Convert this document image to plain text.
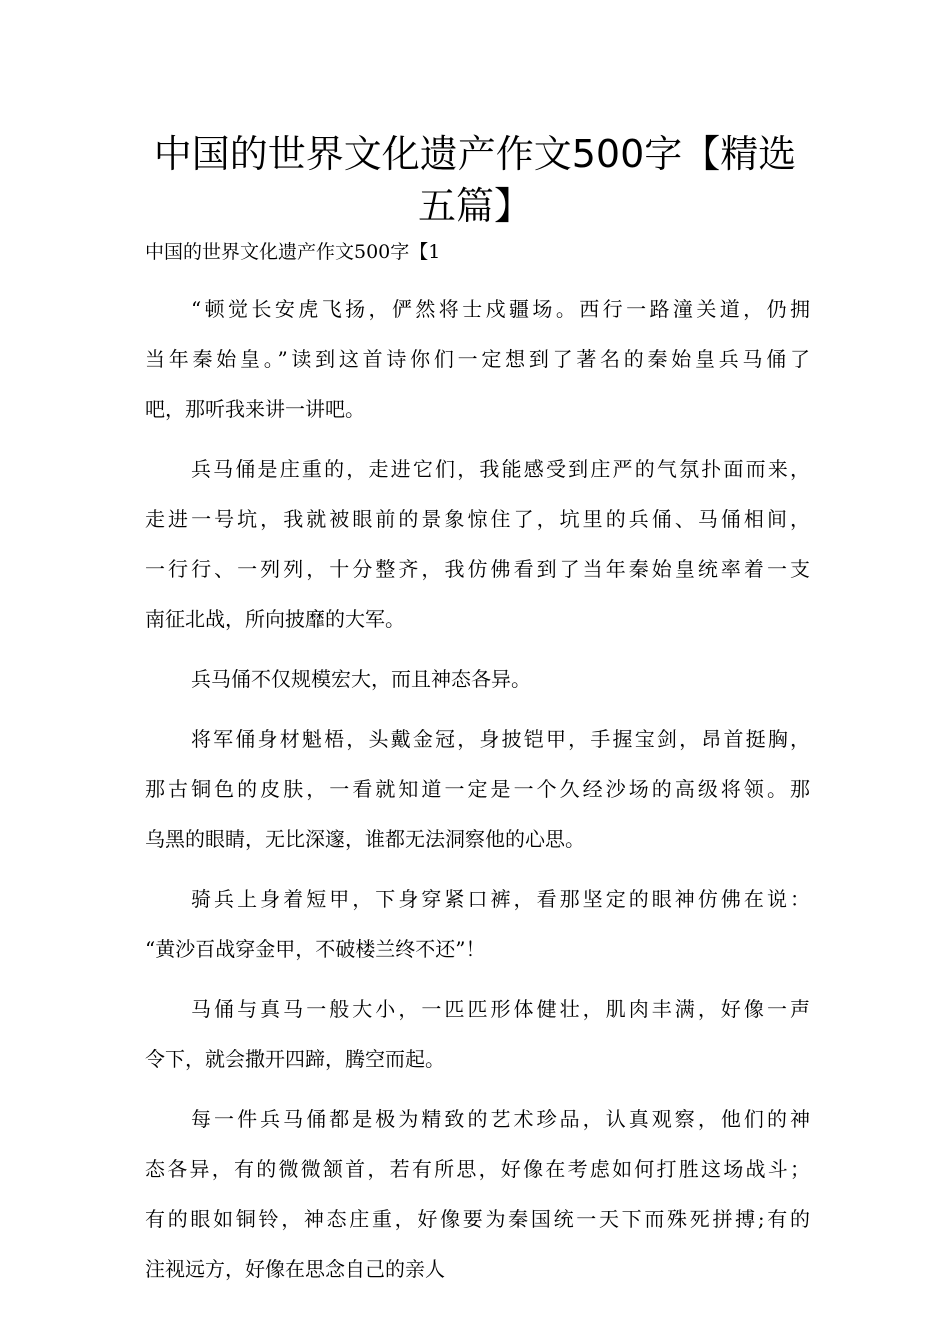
中国的世界文化遗产作文500字【精选
五篇】

中国的世界文化遗产作文500字【1

“顿觉长安虎飞扬，俨然将士戍疆场。西行一路潼关道，仍拥
当年秦始皇。”读到这首诗你们一定想到了著名的秦始皇兵马俑了
吧，那听我来讲一讲吧。
兵马俑是庄重的，走进它们，我能感受到庄严的气氛扑面而来，
走进一号坑，我就被眼前的景象惊住了，坑里的兵俑、马俑相间，
一行行、一列列，十分整齐，我仿佛看到了当年秦始皇统率着一支
南征北战，所向披靡的大军。
兵马俑不仅规模宏大，而且神态各异。
将军俑身材魁梧，头戴金冠，身披铠甲，手握宝剑，昂首挺胸，
那古铜色的皮肤，一看就知道一定是一个久经沙场的高级将领。那
乌黑的眼睛，无比深邃，谁都无法洞察他的心思。
骑兵上身着短甲，下身穿紧口裤，看那坚定的眼神仿佛在说：
“黄沙百战穿金甲，不破楼兰终不还”！
马俑与真马一般大小，一匹匹形体健壮，肌肉丰满，好像一声
令下，就会撒开四蹄，腾空而起。
每一件兵马俑都是极为精致的艺术珍品，认真观察，他们的神
态各异，有的微微颔首，若有所思，好像在考虑如何打胜这场战斗；
有的眼如铜铃，神态庄重，好像要为秦国统一天下而殊死拼搏;有的
注视远方，好像在思念自己的亲人
